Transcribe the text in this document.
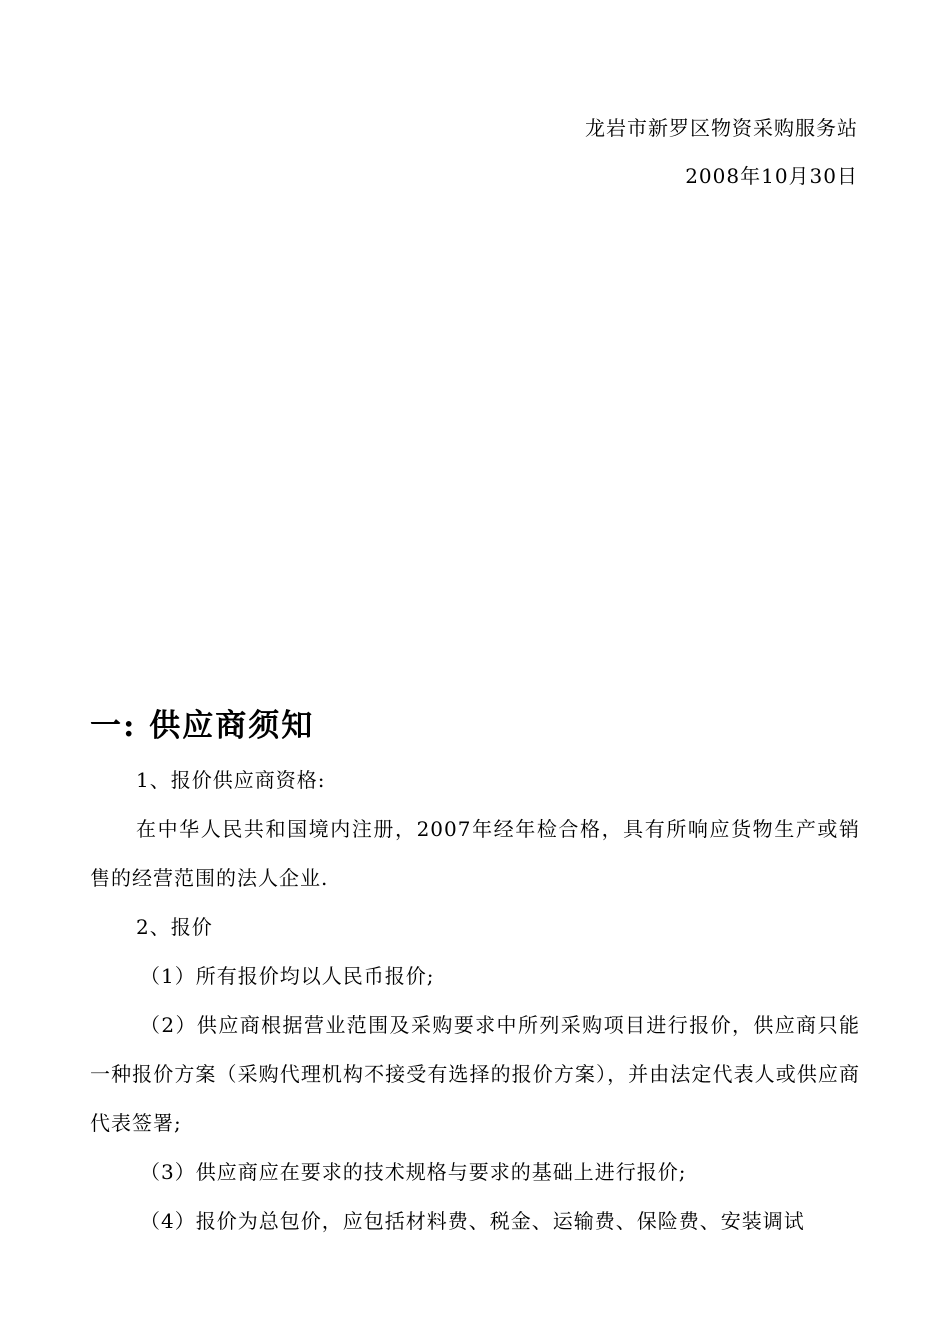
龙岩市新罗区物资采购服务站
2008年10月30日
一: 供应商须知

1、报价供应商资格:

在中华人民共和国境内注册，2007年经年检合格，具有所响应货物生产或销售的经营范围的法人企业.

2、报价

（1）所有报价均以人民币报价;

（2）供应商根据营业范围及采购要求中所列采购项目进行报价，供应商只能一种报价方案（采购代理机构不接受有选择的报价方案），并由法定代表人或供应商代表签署;

（3）供应商应在要求的技术规格与要求的基础上进行报价;

（4）报价为总包价，应包括材料费、税金、运输费、保险费、安装调试
